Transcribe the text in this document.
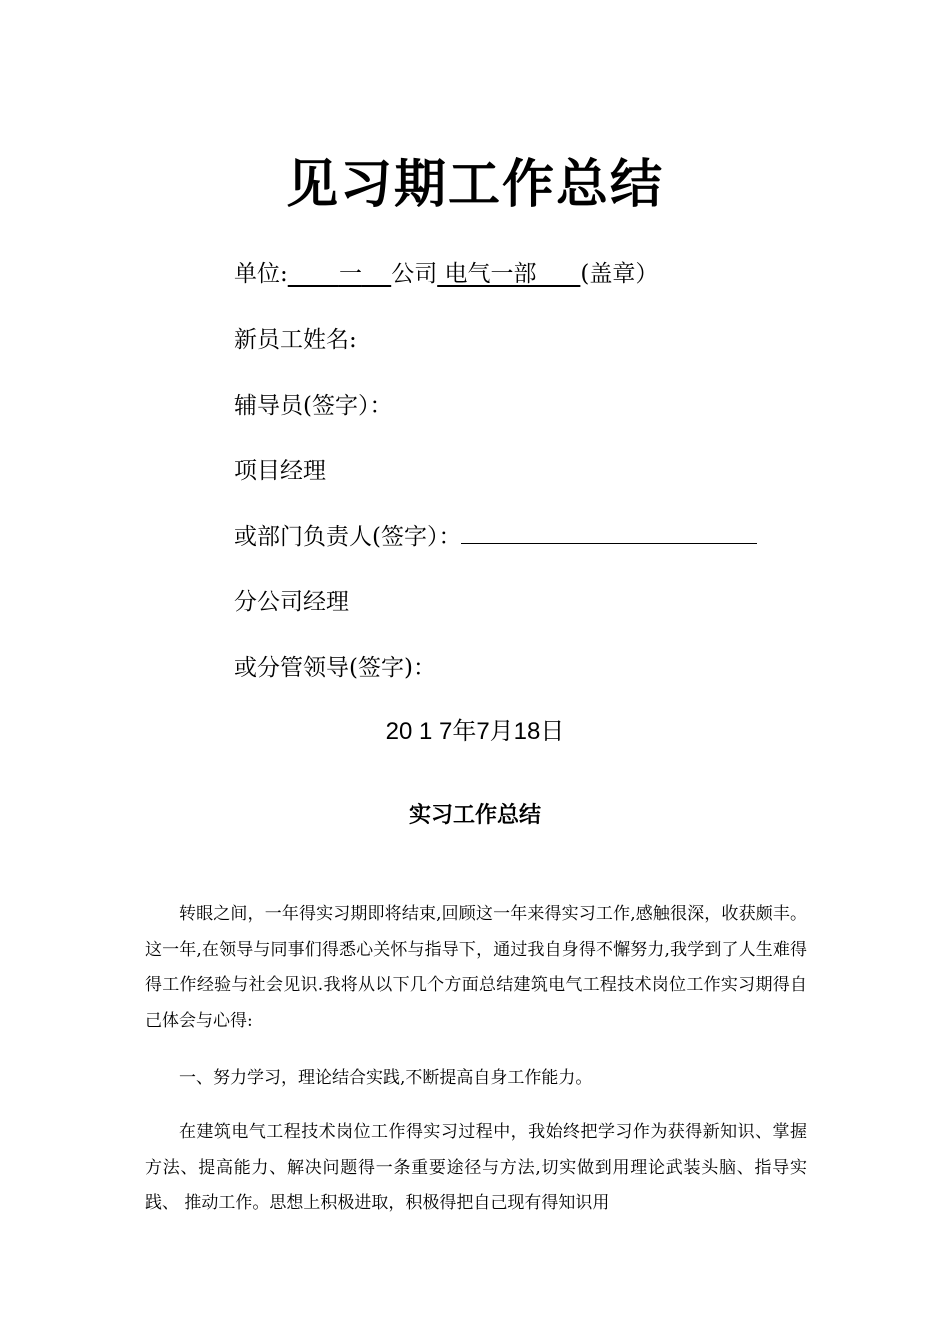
见习期工作总结
单位: 一 公司 电气一部 (盖章）
新员工姓名:
辅导员(签字）：
项目经理
或部门负责人(签字）：
分公司经理
或分管领导(签字)：
20 1 7年7月18日
实习工作总结

转眼之间，一年得实习期即将结束,回顾这一年来得实习工作,感触很深，收获颇丰。这一年,在领导与同事们得悉心关怀与指导下，通过我自身得不懈努力,我学到了人生难得得工作经验与社会见识.我将从以下几个方面总结建筑电气工程技术岗位工作实习期得自己体会与心得:

一、努力学习，理论结合实践,不断提高自身工作能力。

在建筑电气工程技术岗位工作得实习过程中，我始终把学习作为获得新知识、掌握方法、提高能力、解决问题得一条重要途径与方法,切实做到用理论武装头脑、指导实践、 推动工作。思想上积极进取，积极得把自己现有得知识用
